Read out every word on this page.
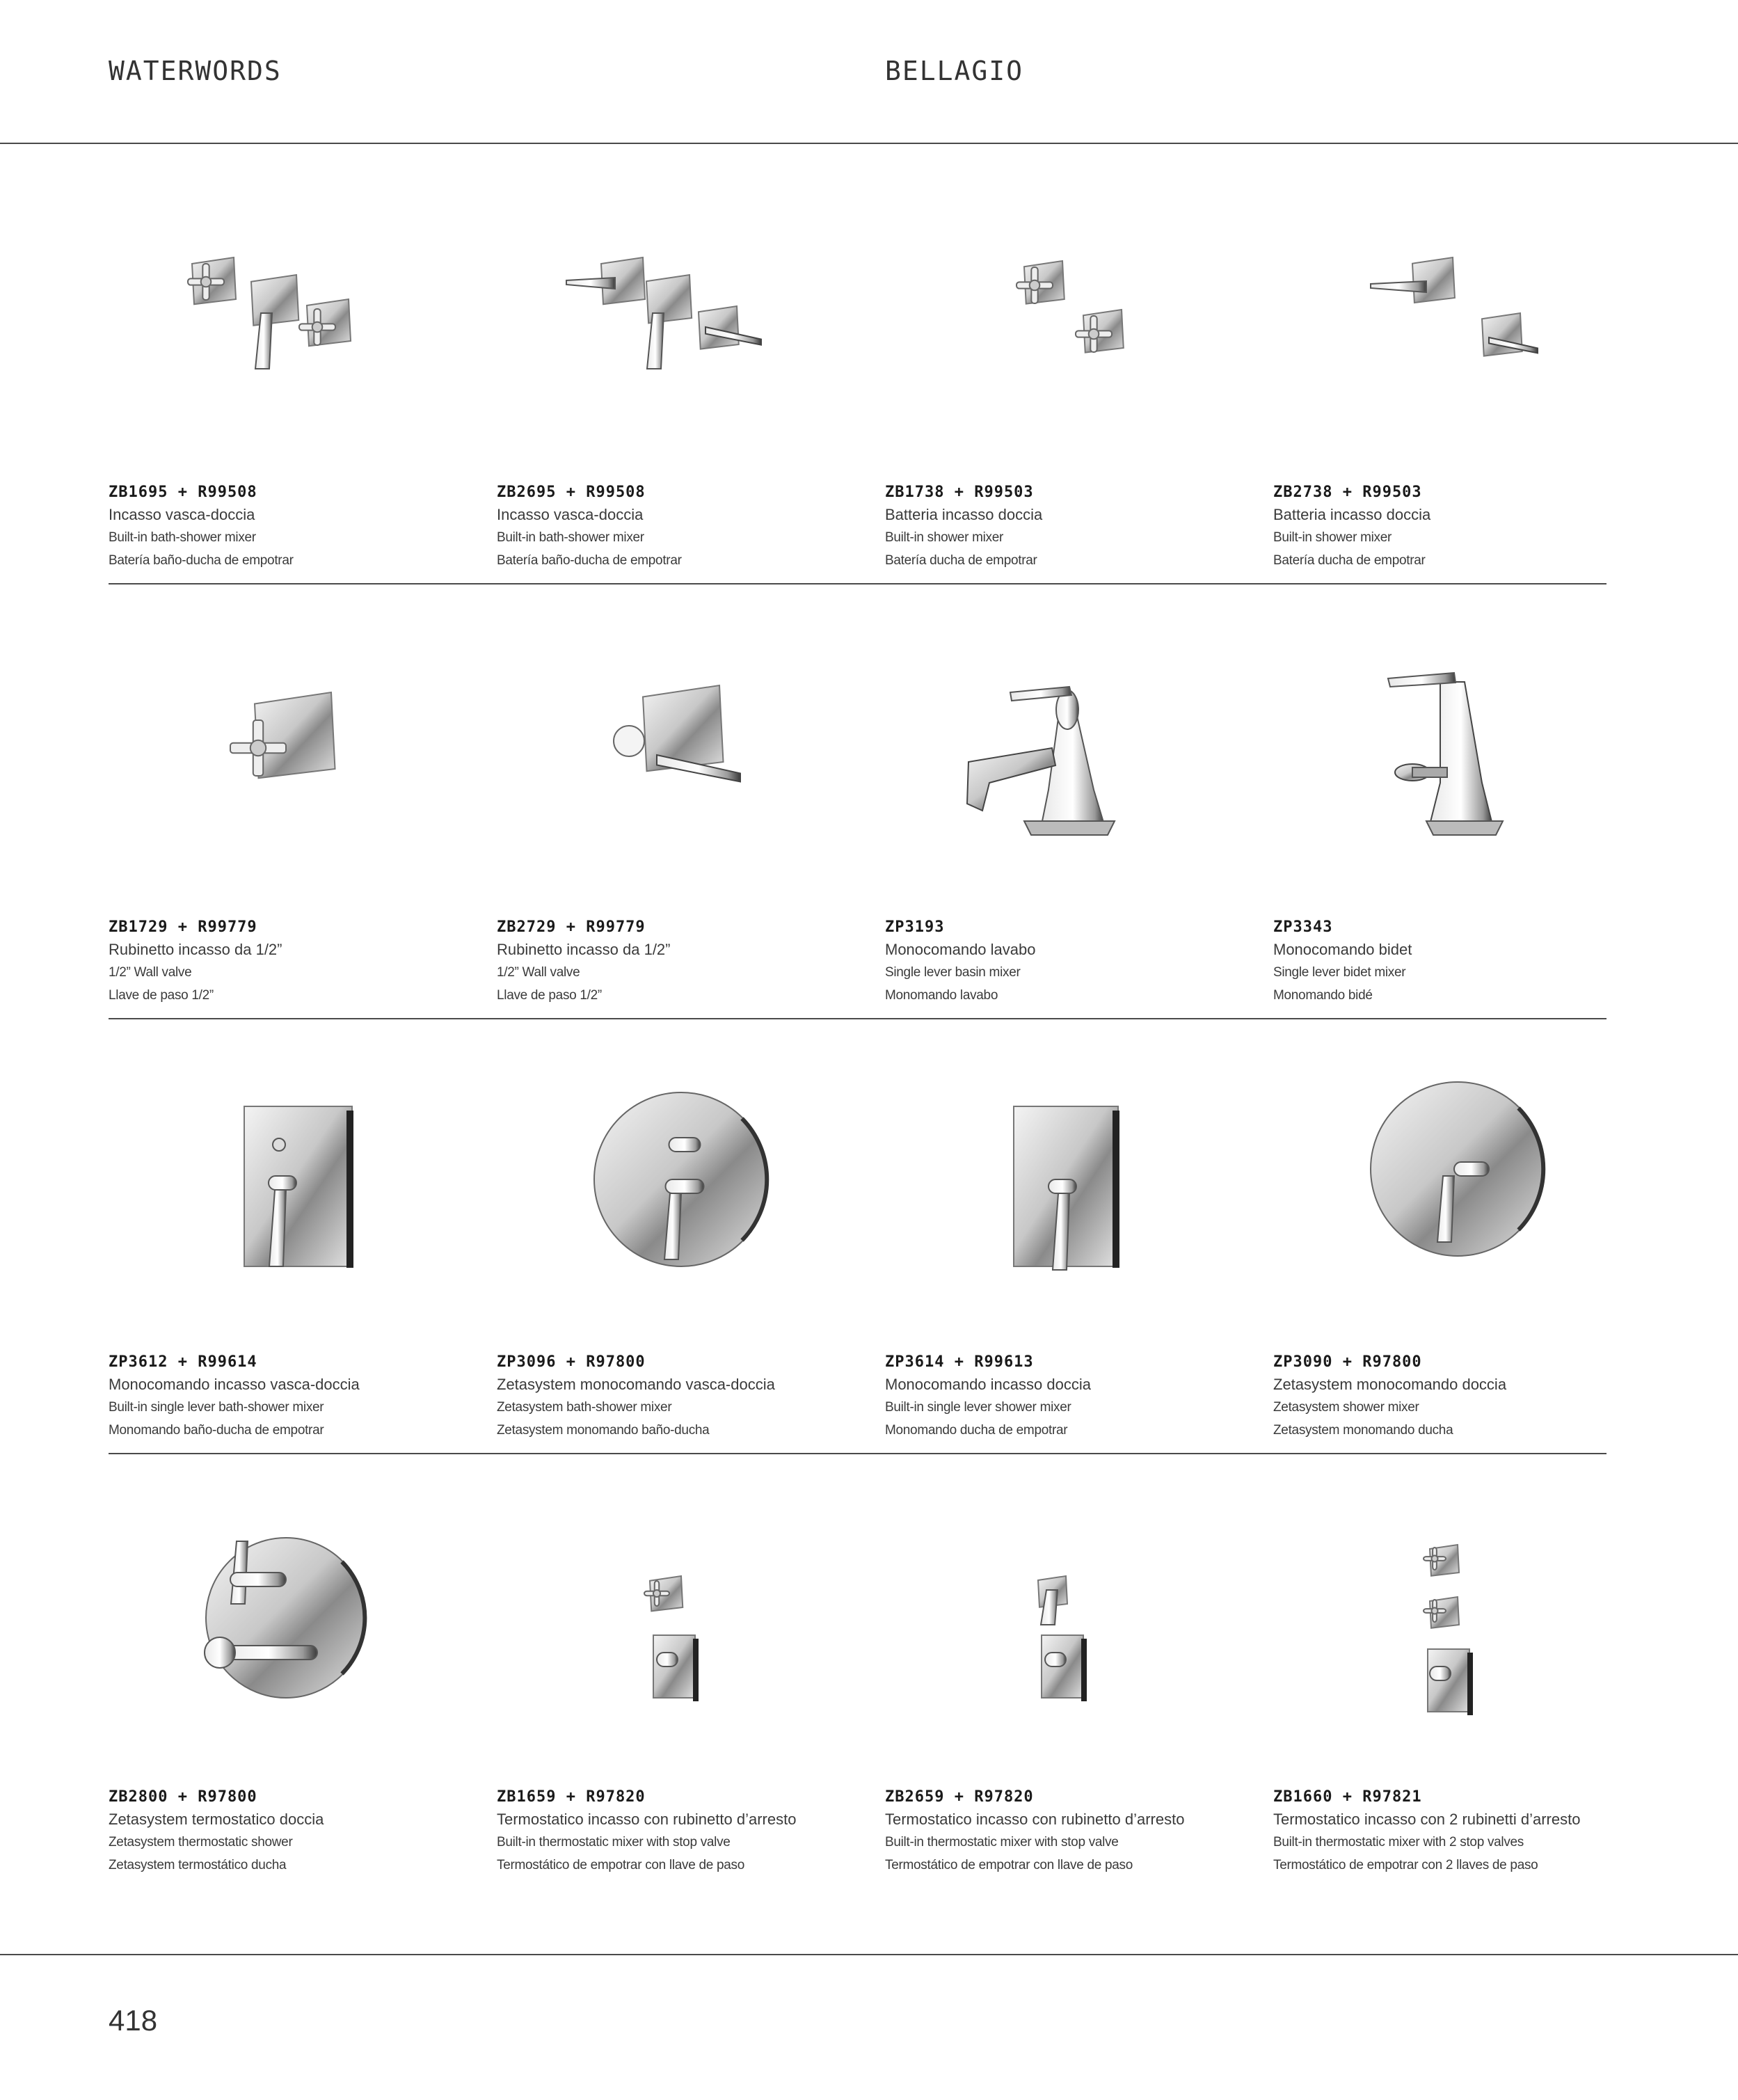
WATERWORDS	BELLAGIO
ZB1695 + R99508
Incasso vasca-doccia
Built-in bath-shower mixer
Batería baño-ducha de empotrar
ZB2695 + R99508
Incasso vasca-doccia
Built-in bath-shower mixer
Batería baño-ducha de empotrar
ZB1738 + R99503
Batteria incasso doccia
Built-in shower mixer
Batería ducha de empotrar
ZB2738 + R99503
Batteria incasso doccia
Built-in shower mixer
Batería ducha de empotrar
ZB1729 + R99779
Rubinetto incasso da 1/2”
1/2” Wall valve
Llave de paso 1/2”
ZB2729 + R99779
Rubinetto incasso da 1/2”
1/2” Wall valve
Llave de paso 1/2”
ZP3193
Monocomando lavabo
Single lever basin mixer
Monomando lavabo
ZP3343
Monocomando bidet
Single lever bidet mixer
Monomando bidé
ZP3612 + R99614
Monocomando incasso vasca-doccia
Built-in single lever bath-shower mixer
Monomando baño-ducha de empotrar
ZP3096 + R97800
Zetasystem monocomando vasca-doccia
Zetasystem bath-shower mixer
Zetasystem monomando baño-ducha
ZP3614 + R99613
Monocomando incasso doccia
Built-in single lever shower mixer
Monomando ducha de empotrar
ZP3090 + R97800
Zetasystem monocomando doccia
Zetasystem shower mixer
Zetasystem monomando ducha
ZB2800 + R97800
Zetasystem termostatico doccia
Zetasystem thermostatic shower
Zetasystem termostático ducha
ZB1659 + R97820
Termostatico incasso con rubinetto d’arresto
Built-in thermostatic mixer with stop valve
Termostático de empotrar con llave de paso
ZB2659 + R97820
Termostatico incasso con rubinetto d’arresto
Built-in thermostatic mixer with stop valve
Termostático de empotrar con llave de paso
ZB1660 + R97821
Termostatico incasso con 2 rubinetti d’arresto
Built-in thermostatic mixer with 2 stop valves
Termostático de empotrar con 2 llaves de paso
418
